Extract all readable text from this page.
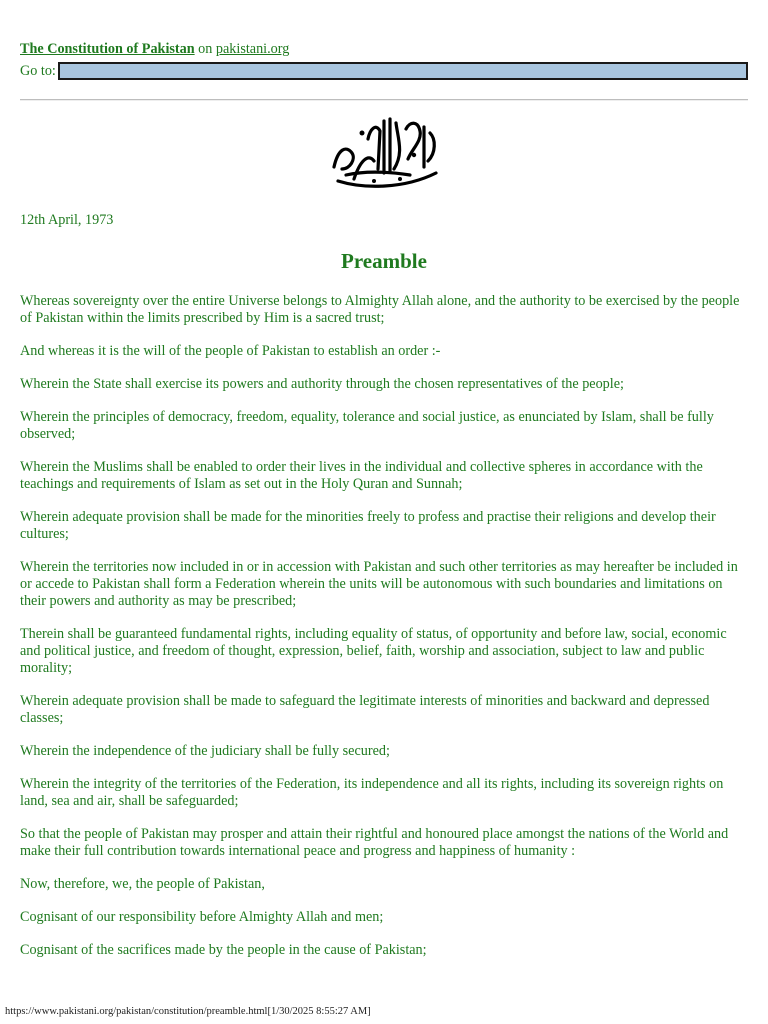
The Constitution of Pakistan on pakistani.org
Go to:
12th April, 1973
Preamble

Whereas sovereignty over the entire Universe belongs to Almighty Allah alone, and the authority to be exercised by the people of Pakistan within the limits prescribed by Him is a sacred trust;

And whereas it is the will of the people of Pakistan to establish an order :-

Wherein the State shall exercise its powers and authority through the chosen representatives of the people;

Wherein the principles of democracy, freedom, equality, tolerance and social justice, as enunciated by Islam, shall be fully observed;

Wherein the Muslims shall be enabled to order their lives in the individual and collective spheres in accordance with the teachings and requirements of Islam as set out in the Holy Quran and Sunnah;

Wherein adequate provision shall be made for the minorities freely to profess and practise their religions and develop their cultures;

Wherein the territories now included in or in accession with Pakistan and such other territories as may hereafter be included in or accede to Pakistan shall form a Federation wherein the units will be autonomous with such boundaries and limitations on their powers and authority as may be prescribed;

Therein shall be guaranteed fundamental rights, including equality of status, of opportunity and before law, social, economic and political justice, and freedom of thought, expression, belief, faith, worship and association, subject to law and public morality;

Wherein adequate provision shall be made to safeguard the legitimate interests of minorities and backward and depressed classes;

Wherein the independence of the judiciary shall be fully secured;

Wherein the integrity of the territories of the Federation, its independence and all its rights, including its sovereign rights on land, sea and air, shall be safeguarded;

So that the people of Pakistan may prosper and attain their rightful and honoured place amongst the nations of the World and make their full contribution towards international peace and progress and happiness of humanity :

Now, therefore, we, the people of Pakistan,

Cognisant of our responsibility before Almighty Allah and men;

Cognisant of the sacrifices made by the people in the cause of Pakistan;

https://www.pakistani.org/pakistan/constitution/preamble.html[1/30/2025 8:55:27 AM]
